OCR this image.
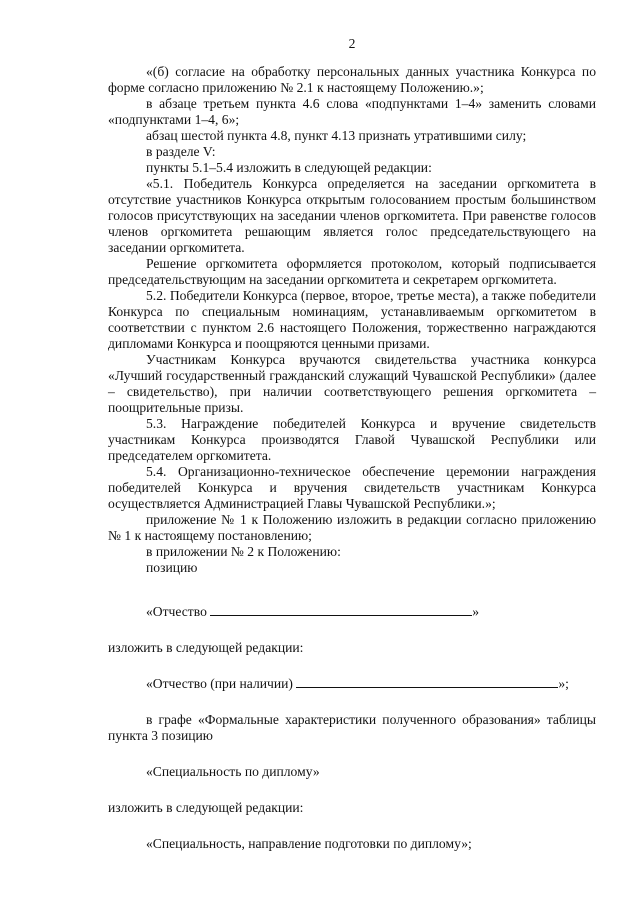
2

«(б) согласие на обработку персональных данных участника Конкурса по форме согласно приложению № 2.1 к настоящему Положению.»;

в абзаце третьем пункта 4.6 слова «подпунктами 1–4» заменить словами «подпунктами 1–4, 6»;

абзац шестой пункта 4.8, пункт 4.13 признать утратившими силу;

в разделе V:

пункты 5.1–5.4 изложить в следующей редакции:

«5.1. Победитель Конкурса определяется на заседании оргкомитета в отсутствие участников Конкурса открытым голосованием простым большинством голосов присутствующих на заседании членов оргкомитета. При равенстве голосов членов оргкомитета решающим является голос председательствующего на заседании оргкомитета.

Решение оргкомитета оформляется протоколом, который подписывается председательствующим на заседании оргкомитета и секретарем оргкомитета.

5.2. Победители Конкурса (первое, второе, третье места), а также победители Конкурса по специальным номинациям, устанавливаемым оргкомитетом в соответствии с пунктом 2.6 настоящего Положения, торжественно награждаются дипломами Конкурса и поощряются ценными призами.

Участникам Конкурса вручаются свидетельства участника конкурса «Лучший государственный гражданский служащий Чувашской Республики» (далее – свидетельство), при наличии соответствующего решения оргкомитета – поощрительные призы.

5.3. Награждение победителей Конкурса и вручение свидетельств участникам Конкурса производятся Главой Чувашской Республики или председателем оргкомитета.

5.4. Организационно-техническое обеспечение церемонии награждения победителей Конкурса и вручения свидетельств участникам Конкурса осуществляется Администрацией Главы Чувашской Республики.»;

приложение № 1 к Положению изложить в редакции согласно приложению № 1 к настоящему постановлению;

в приложении № 2 к Положению:

позицию

«Отчество	»

изложить в следующей редакции:

«Отчество (при наличии)	»;

в графе «Формальные характеристики полученного образования» таблицы пункта 3 позицию

«Специальность по диплому»

изложить в следующей редакции:

«Специальность, направление подготовки по диплому»;
